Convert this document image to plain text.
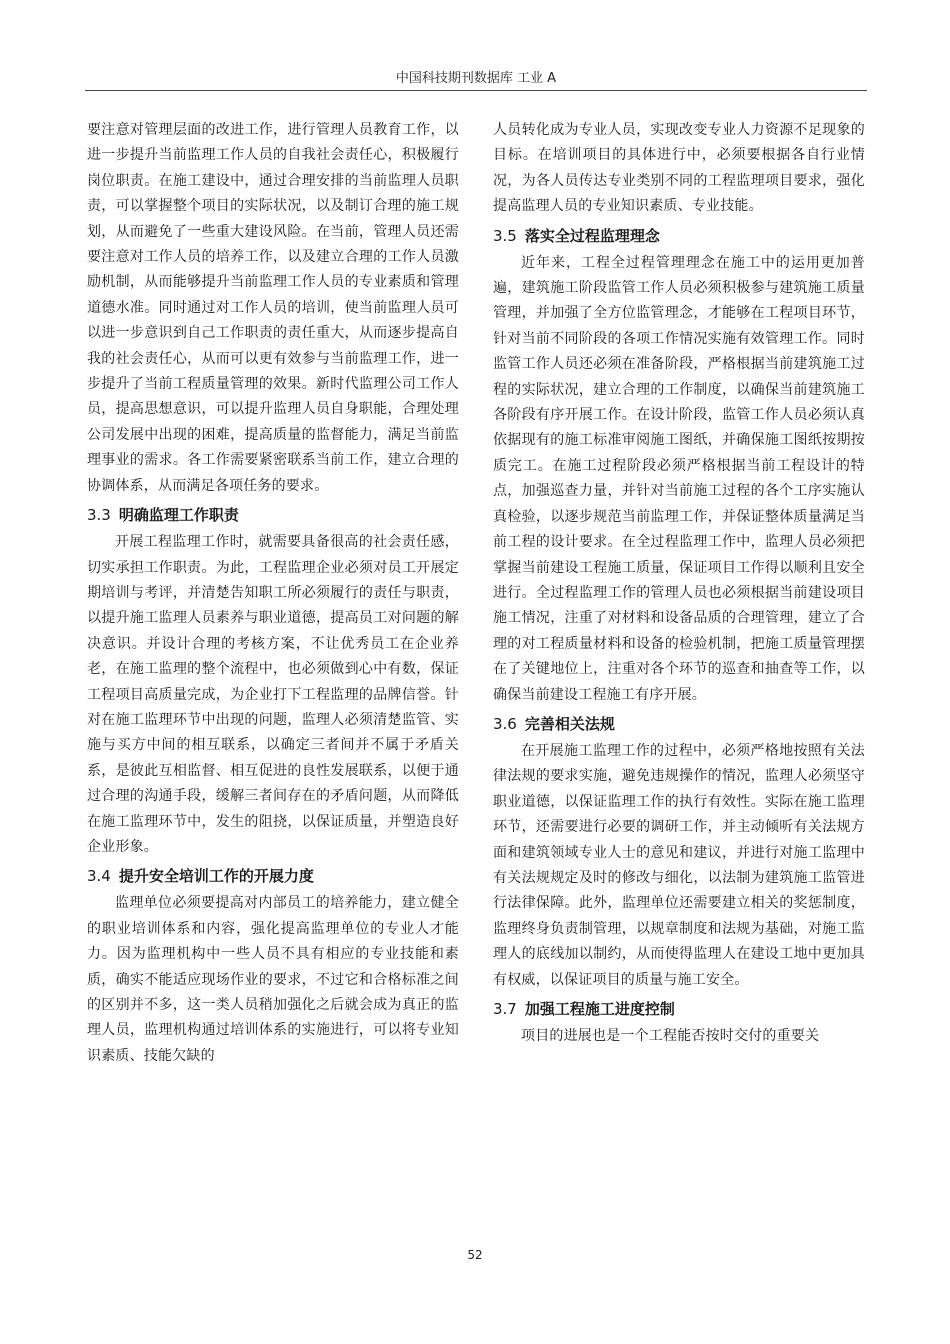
中国科技期刊数据库 工业 A

要注意对管理层面的改进工作，进行管理人员教育工作，以进一步提升当前监理工作人员的自我社会责任心，积极履行岗位职责。在施工建设中，通过合理安排的当前监理人员职责，可以掌握整个项目的实际状况，以及制订合理的施工规划，从而避免了一些重大建设风险。在当前，管理人员还需要注意对工作人员的培养工作，以及建立合理的工作人员激励机制，从而能够提升当前监理工作人员的专业素质和管理道德水准。同时通过对工作人员的培训，使当前监理人员可以进一步意识到自己工作职责的责任重大，从而逐步提高自我的社会责任心，从而可以更有效参与当前监理工作，进一步提升了当前工程质量管理的效果。新时代监理公司工作人员，提高思想意识，可以提升监理人员自身职能，合理处理公司发展中出现的困难，提高质量的监督能力，满足当前监理事业的需求。各工作需要紧密联系当前工作，建立合理的协调体系，从而满足各项任务的要求。

3.3 明确监理工作职责

开展工程监理工作时，就需要具备很高的社会责任感，切实承担工作职责。为此，工程监理企业必须对员工开展定期培训与考评，并清楚告知职工所必须履行的责任与职责，以提升施工监理人员素养与职业道德，提高员工对问题的解决意识。并设计合理的考核方案，不让优秀员工在企业养老，在施工监理的整个流程中，也必须做到心中有数，保证工程项目高质量完成，为企业打下工程监理的品牌信誉。针对在施工监理环节中出现的问题，监理人必须清楚监管、实施与买方中间的相互联系，以确定三者间并不属于矛盾关系，是彼此互相监督、相互促进的良性发展联系，以便于通过合理的沟通手段，缓解三者间存在的矛盾问题，从而降低在施工监理环节中，发生的阻挠，以保证质量，并塑造良好企业形象。

3.4 提升安全培训工作的开展力度

监理单位必须要提高对内部员工的培养能力，建立健全的职业培训体系和内容，强化提高监理单位的专业人才能力。因为监理机构中一些人员不具有相应的专业技能和素质，确实不能适应现场作业的要求，不过它和合格标准之间的区别并不多，这一类人员稍加强化之后就会成为真正的监理人员，监理机构通过培训体系的实施进行，可以将专业知识素质、技能欠缺的

人员转化成为专业人员，实现改变专业人力资源不足现象的目标。在培训项目的具体进行中，必须要根据各自行业情况，为各人员传达专业类别不同的工程监理项目要求，强化提高监理人员的专业知识素质、专业技能。

3.5 落实全过程监理理念

近年来，工程全过程管理理念在施工中的运用更加普遍，建筑施工阶段监管工作人员必须积极参与建筑施工质量管理，并加强了全方位监管理念，才能够在工程项目环节，针对当前不同阶段的各项工作情况实施有效管理工作。同时监管工作人员还必须在准备阶段，严格根据当前建筑施工过程的实际状况，建立合理的工作制度，以确保当前建筑施工各阶段有序开展工作。在设计阶段，监管工作人员必须认真依据现有的施工标准审阅施工图纸，并确保施工图纸按期按质完工。在施工过程阶段必须严格根据当前工程设计的特点，加强巡查力量，并针对当前施工过程的各个工序实施认真检验，以逐步规范当前监理工作，并保证整体质量满足当前工程的设计要求。在全过程监理工作中，监理人员必须把掌握当前建设工程施工质量，保证项目工作得以顺利且安全进行。全过程监理工作的管理人员也必须根据当前建设项目施工情况，注重了对材料和设备品质的合理管理，建立了合理的对工程质量材料和设备的检验机制，把施工质量管理摆在了关键地位上，注重对各个环节的巡查和抽查等工作，以确保当前建设工程施工有序开展。

3.6 完善相关法规

在开展施工监理工作的过程中，必须严格地按照有关法律法规的要求实施，避免违规操作的情况，监理人必须坚守职业道德，以保证监理工作的执行有效性。实际在施工监理环节，还需要进行必要的调研工作，并主动倾听有关法规方面和建筑领域专业人士的意见和建议，并进行对施工监理中有关法规规定及时的修改与细化，以法制为建筑施工监管进行法律保障。此外，监理单位还需要建立相关的奖惩制度，监理终身负责制管理，以规章制度和法规为基础，对施工监理人的底线加以制约，从而使得监理人在建设工地中更加具有权威，以保证项目的质量与施工安全。

3.7 加强工程施工进度控制

项目的进展也是一个工程能否按时交付的重要关

52
